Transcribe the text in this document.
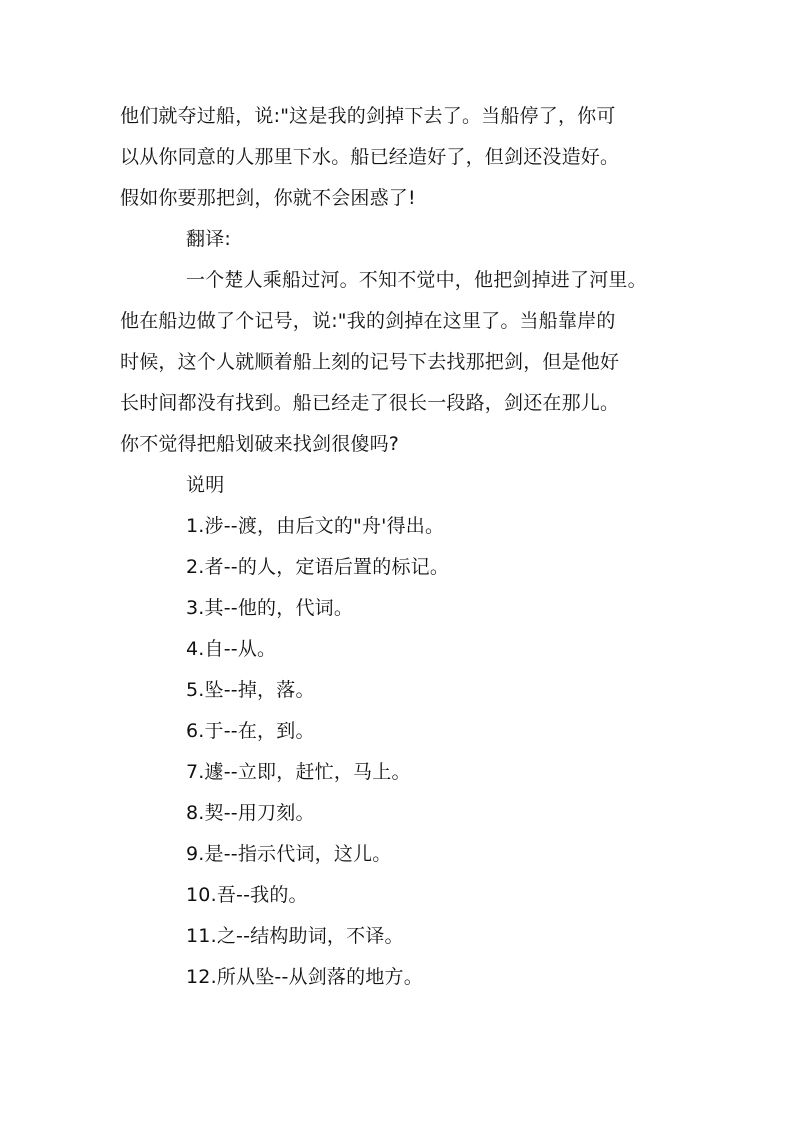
他们就夺过船，说:"这是我的剑掉下去了。当船停了，你可
以从你同意的人那里下水。船已经造好了，但剑还没造好。
假如你要那把剑，你就不会困惑了!
翻译:
一个楚人乘船过河。不知不觉中，他把剑掉进了河里。
他在船边做了个记号，说:"我的剑掉在这里了。当船靠岸的
时候，这个人就顺着船上刻的记号下去找那把剑，但是他好
长时间都没有找到。船已经走了很长一段路，剑还在那儿。
你不觉得把船划破来找剑很傻吗?
说明
1.涉--渡，由后文的"舟'得出。
2.者--的人，定语后置的标记。
3.其--他的，代词。
4.自--从。
5.坠--掉，落。
6.于--在，到。
7.遽--立即，赶忙，马上。
8.契--用刀刻。
9.是--指示代词，这儿。
10.吾--我的。
11.之--结构助词，不译。
12.所从坠--从剑落的地方。
